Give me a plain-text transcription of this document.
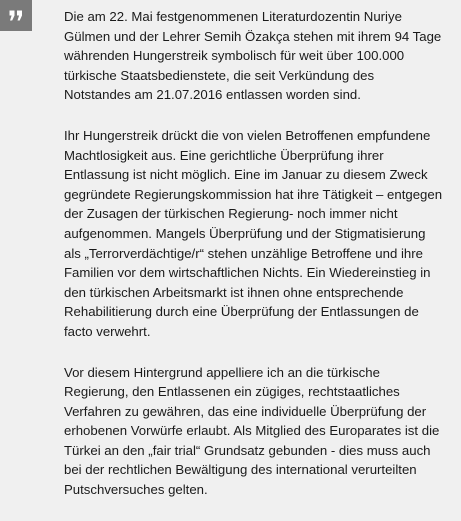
Die am 22. Mai festgenommenen Literaturdozentin Nuriye Gülmen und der Lehrer Semih Özakça stehen mit ihrem 94 Tage währenden Hungerstreik symbolisch für weit über 100.000 türkische Staatsbedienstete, die seit Verkündung des Notstandes am 21.07.2016 entlassen worden sind.

Ihr Hungerstreik drückt die von vielen Betroffenen empfundene Machtlosigkeit aus. Eine gerichtliche Überprüfung ihrer Entlassung ist nicht möglich. Eine im Januar zu diesem Zweck gegründete Regierungskommission hat ihre Tätigkeit – entgegen der Zusagen der türkischen Regierung- noch immer nicht aufgenommen. Mangels Überprüfung und der Stigmatisierung als „Terrorverdächtige/r“ stehen unzählige Betroffene und ihre Familien vor dem wirtschaftlichen Nichts. Ein Wiedereinstieg in den türkischen Arbeitsmarkt ist ihnen ohne entsprechende Rehabilitierung durch eine Überprüfung der Entlassungen de facto verwehrt.

Vor diesem Hintergrund appelliere ich an die türkische Regierung, den Entlassenen ein zügiges, rechtstaatliches Verfahren zu gewähren, das eine individuelle Überprüfung der erhobenen Vorwürfe erlaubt. Als Mitglied des Europarates ist die Türkei an den „fair trial“ Grundsatz gebunden - dies muss auch bei der rechtlichen Bewältigung des international verurteilten Putschversuches gelten.
